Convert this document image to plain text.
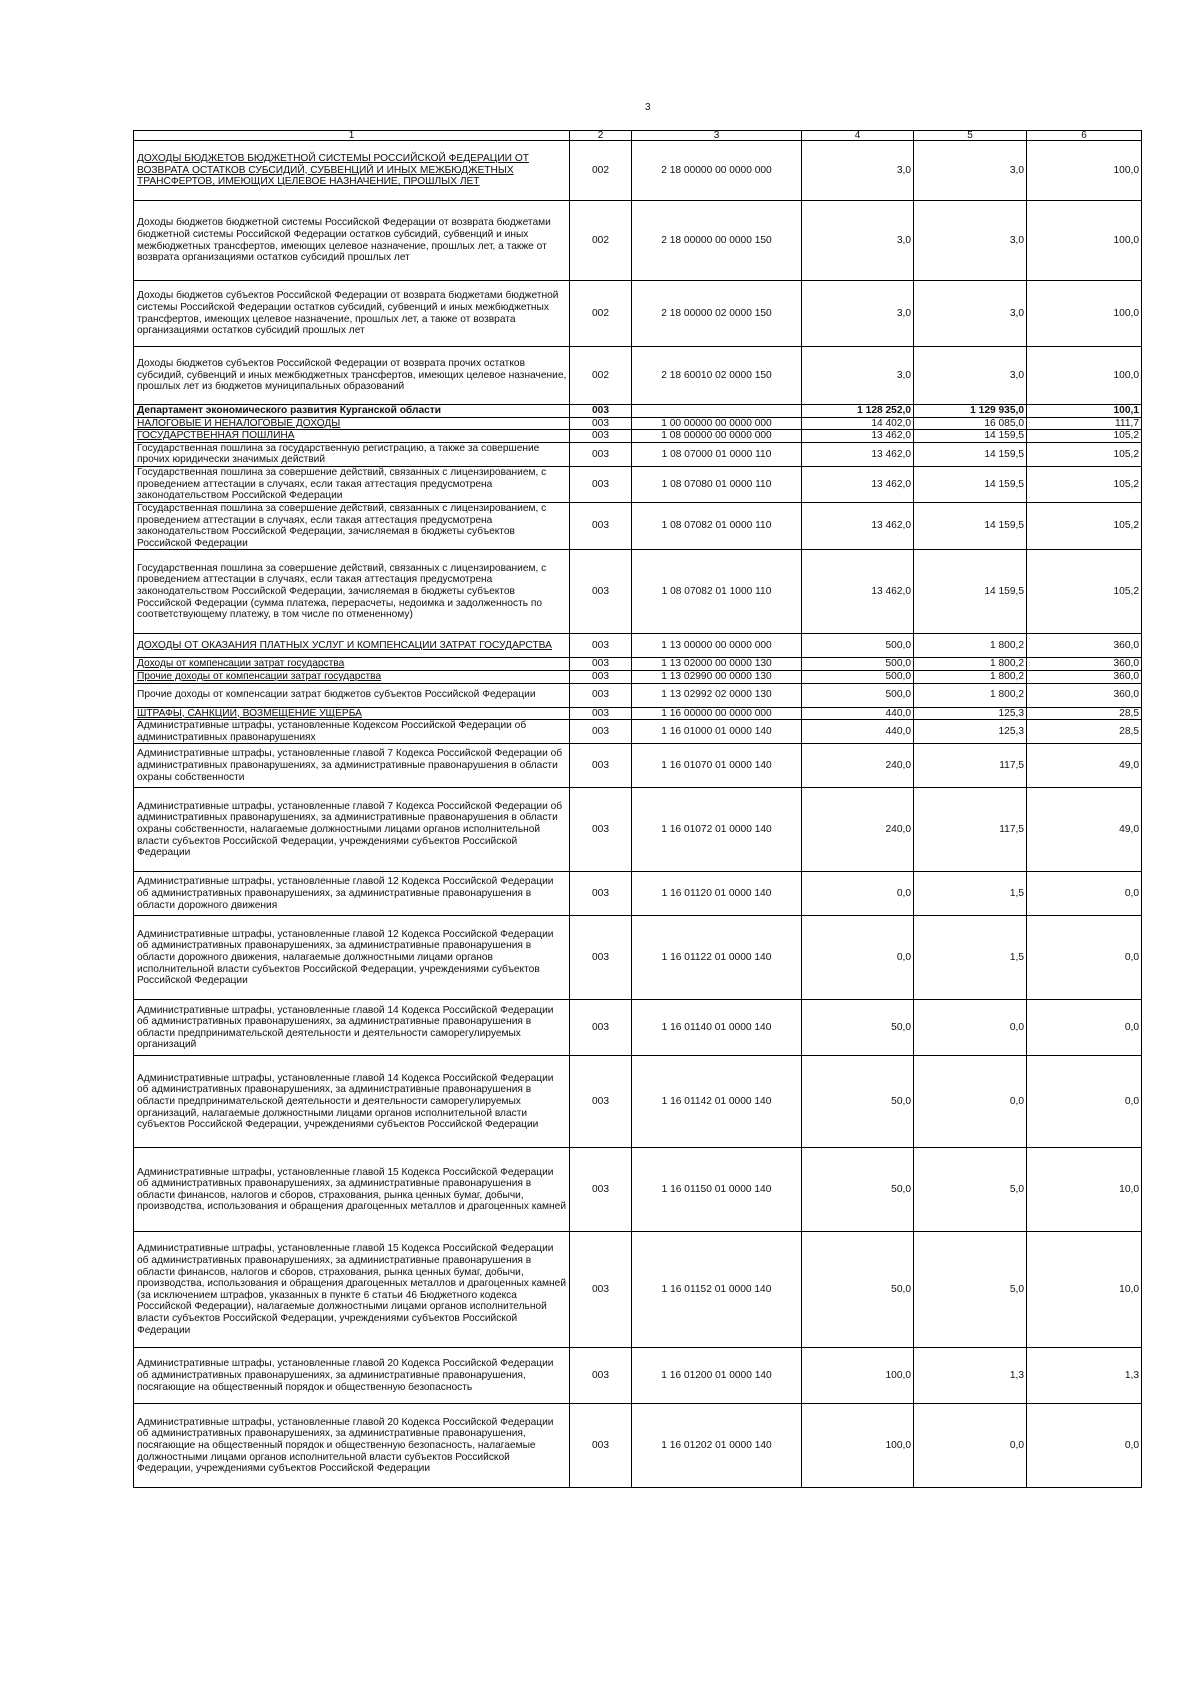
3
1	2	3	4	5	6
ДОХОДЫ БЮДЖЕТОВ БЮДЖЕТНОЙ СИСТЕМЫ РОССИЙСКОЙ ФЕДЕРАЦИИ ОТ ВОЗВРАТА ОСТАТКОВ СУБСИДИЙ, СУБВЕНЦИЙ И ИНЫХ МЕЖБЮДЖЕТНЫХ ТРАНСФЕРТОВ, ИМЕЮЩИХ ЦЕЛЕВОЕ НАЗНАЧЕНИЕ, ПРОШЛЫХ ЛЕТ	002	2 18 00000 00 0000 000	3,0	3,0	100,0
Доходы бюджетов бюджетной системы Российской Федерации от возврата бюджетами бюджетной системы Российской Федерации остатков субсидий, субвенций и иных межбюджетных трансфертов, имеющих целевое назначение, прошлых лет, а также от возврата организациями остатков субсидий прошлых лет	002	2 18 00000 00 0000 150	3,0	3,0	100,0
Доходы бюджетов субъектов Российской Федерации от возврата бюджетами бюджетной системы Российской Федерации остатков субсидий, субвенций и иных межбюджетных трансфертов, имеющих целевое назначение, прошлых лет, а также от возврата организациями остатков субсидий прошлых лет	002	2 18 00000 02 0000 150	3,0	3,0	100,0
Доходы бюджетов субъектов Российской Федерации от возврата прочих остатков субсидий, субвенций и иных межбюджетных трансфертов, имеющих целевое назначение, прошлых лет из бюджетов муниципальных образований	002	2 18 60010 02 0000 150	3,0	3,0	100,0
Департамент экономического развития Курганской области	003		1 128 252,0	1 129 935,0	100,1
НАЛОГОВЫЕ И НЕНАЛОГОВЫЕ ДОХОДЫ	003	1 00 00000 00 0000 000	14 402,0	16 085,0	111,7
ГОСУДАРСТВЕННАЯ ПОШЛИНА	003	1 08 00000 00 0000 000	13 462,0	14 159,5	105,2
Государственная пошлина за государственную регистрацию, а также за совершение прочих юридически значимых действий	003	1 08 07000 01 0000 110	13 462,0	14 159,5	105,2
Государственная пошлина за совершение действий, связанных с лицензированием, с проведением аттестации в случаях, если такая аттестация предусмотрена законодательством Российской Федерации	003	1 08 07080 01 0000 110	13 462,0	14 159,5	105,2
Государственная пошлина за совершение действий, связанных с лицензированием, с проведением аттестации в случаях, если такая аттестация предусмотрена законодательством Российской Федерации, зачисляемая в бюджеты субъектов Российской Федерации	003	1 08 07082 01 0000 110	13 462,0	14 159,5	105,2
Государственная пошлина за совершение действий, связанных с лицензированием, с проведением аттестации в случаях, если такая аттестация предусмотрена законодательством Российской Федерации, зачисляемая в бюджеты субъектов Российской Федерации (сумма платежа, перерасчеты, недоимка и задолженность по соответствующему платежу, в том числе по отмененному)	003	1 08 07082 01 1000 110	13 462,0	14 159,5	105,2
ДОХОДЫ ОТ ОКАЗАНИЯ ПЛАТНЫХ УСЛУГ И КОМПЕНСАЦИИ ЗАТРАТ ГОСУДАРСТВА	003	1 13 00000 00 0000 000	500,0	1 800,2	360,0
Доходы от компенсации затрат государства	003	1 13 02000 00 0000 130	500,0	1 800,2	360,0
Прочие доходы от компенсации затрат государства	003	1 13 02990 00 0000 130	500,0	1 800,2	360,0
Прочие доходы от компенсации затрат бюджетов субъектов Российской Федерации	003	1 13 02992 02 0000 130	500,0	1 800,2	360,0
ШТРАФЫ, САНКЦИИ, ВОЗМЕЩЕНИЕ УЩЕРБА	003	1 16 00000 00 0000 000	440,0	125,3	28,5
Административные штрафы, установленные Кодексом Российской Федерации об административных правонарушениях	003	1 16 01000 01 0000 140	440,0	125,3	28,5
Административные штрафы, установленные главой 7 Кодекса Российской Федерации об административных правонарушениях, за административные правонарушения в области охраны собственности	003	1 16 01070 01 0000 140	240,0	117,5	49,0
Административные штрафы, установленные главой 7 Кодекса Российской Федерации об административных правонарушениях, за административные правонарушения в области охраны собственности, налагаемые должностными лицами органов исполнительной власти субъектов Российской Федерации, учреждениями субъектов Российской Федерации	003	1 16 01072 01 0000 140	240,0	117,5	49,0
Административные штрафы, установленные главой 12 Кодекса Российской Федерации об административных правонарушениях, за административные правонарушения в области дорожного движения	003	1 16 01120 01 0000 140	0,0	1,5	0,0
Административные штрафы, установленные главой 12 Кодекса Российской Федерации об административных правонарушениях, за административные правонарушения в области дорожного движения, налагаемые должностными лицами органов исполнительной власти субъектов Российской Федерации, учреждениями субъектов Российской Федерации	003	1 16 01122 01 0000 140	0,0	1,5	0,0
Административные штрафы, установленные главой 14 Кодекса Российской Федерации об административных правонарушениях, за административные правонарушения в области предпринимательской деятельности и деятельности саморегулируемых организаций	003	1 16 01140 01 0000 140	50,0	0,0	0,0
Административные штрафы, установленные главой 14 Кодекса Российской Федерации об административных правонарушениях, за административные правонарушения в области предпринимательской деятельности и деятельности саморегулируемых организаций, налагаемые должностными лицами органов исполнительной власти субъектов Российской Федерации, учреждениями субъектов Российской Федерации	003	1 16 01142 01 0000 140	50,0	0,0	0,0
Административные штрафы, установленные главой 15 Кодекса Российской Федерации об административных правонарушениях, за административные правонарушения в области финансов, налогов и сборов, страхования, рынка ценных бумаг, добычи, производства, использования и обращения драгоценных металлов и драгоценных камней	003	1 16 01150 01 0000 140	50,0	5,0	10,0
Административные штрафы, установленные главой 15 Кодекса Российской Федерации об административных правонарушениях, за административные правонарушения в области финансов, налогов и сборов, страхования, рынка ценных бумаг, добычи, производства, использования и обращения драгоценных металлов и драгоценных камней (за исключением штрафов, указанных в пункте 6 статьи 46 Бюджетного кодекса Российской Федерации), налагаемые должностными лицами органов исполнительной власти субъектов Российской Федерации, учреждениями субъектов Российской Федерации	003	1 16 01152 01 0000 140	50,0	5,0	10,0
Административные штрафы, установленные главой 20 Кодекса Российской Федерации об административных правонарушениях, за административные правонарушения, посягающие на общественный порядок и общественную безопасность	003	1 16 01200 01 0000 140	100,0	1,3	1,3
Административные штрафы, установленные главой 20 Кодекса Российской Федерации об административных правонарушениях, за административные правонарушения, посягающие на общественный порядок и общественную безопасность, налагаемые должностными лицами органов исполнительной власти субъектов Российской Федерации, учреждениями субъектов Российской Федерации	003	1 16 01202 01 0000 140	100,0	0,0	0,0
